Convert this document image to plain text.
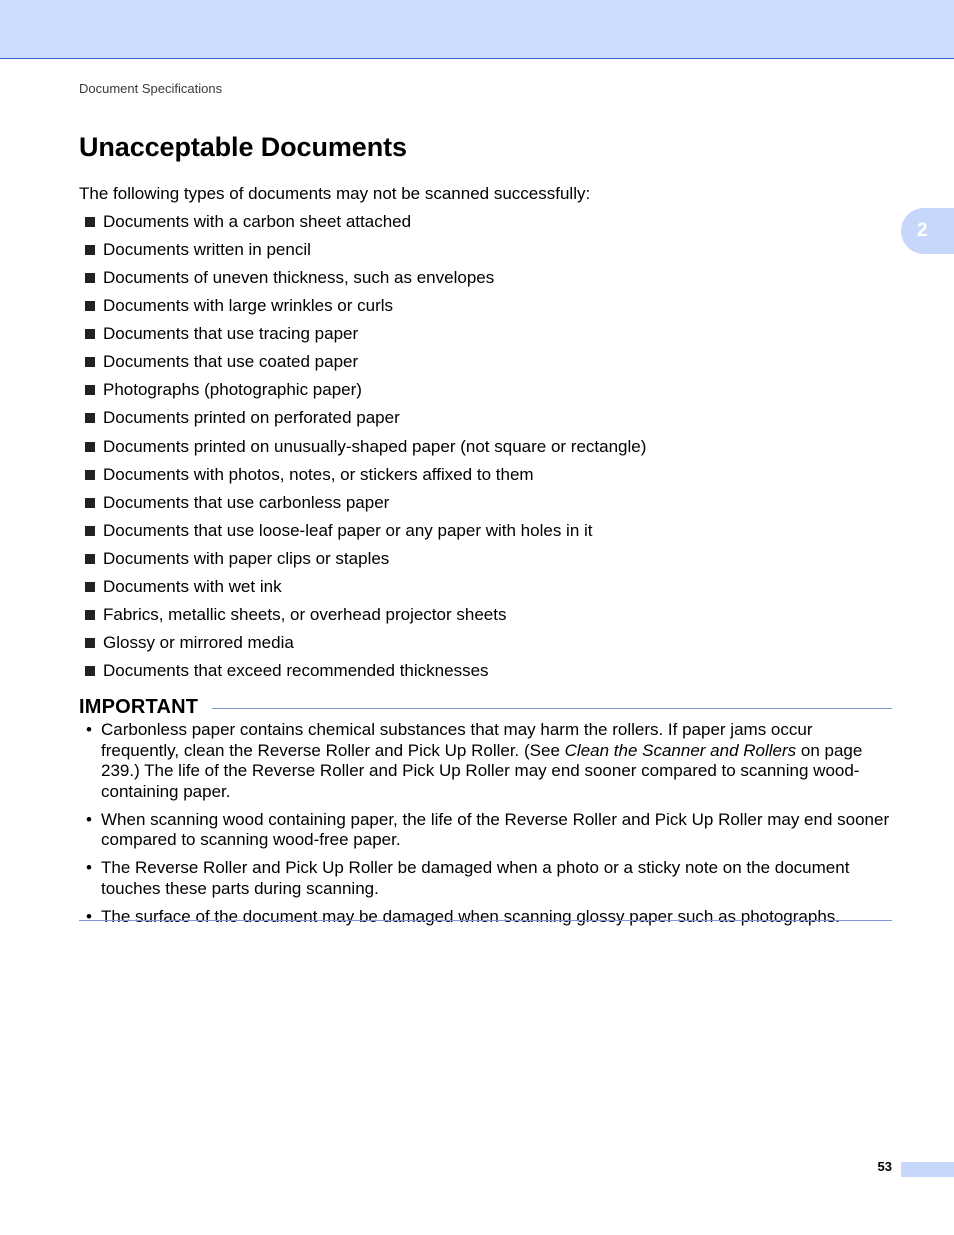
Document Specifications
2
Unacceptable Documents
The following types of documents may not be scanned successfully:
Documents with a carbon sheet attached
Documents written in pencil
Documents of uneven thickness, such as envelopes
Documents with large wrinkles or curls
Documents that use tracing paper
Documents that use coated paper
Photographs (photographic paper)
Documents printed on perforated paper
Documents printed on unusually-shaped paper (not square or rectangle)
Documents with photos, notes, or stickers affixed to them
Documents that use carbonless paper
Documents that use loose-leaf paper or any paper with holes in it
Documents with paper clips or staples
Documents with wet ink
Fabrics, metallic sheets, or overhead projector sheets
Glossy or mirrored media
Documents that exceed recommended thicknesses
IMPORTANT
• Carbonless paper contains chemical substances that may harm the rollers. If paper jams occur frequently, clean the Reverse Roller and Pick Up Roller. (See Clean the Scanner and Rollers on page 239.) The life of the Reverse Roller and Pick Up Roller may end sooner compared to scanning wood-containing paper.
• When scanning wood containing paper, the life of the Reverse Roller and Pick Up Roller may end sooner compared to scanning wood-free paper.
• The Reverse Roller and Pick Up Roller be damaged when a photo or a sticky note on the document touches these parts during scanning.
• The surface of the document may be damaged when scanning glossy paper such as photographs.
53
